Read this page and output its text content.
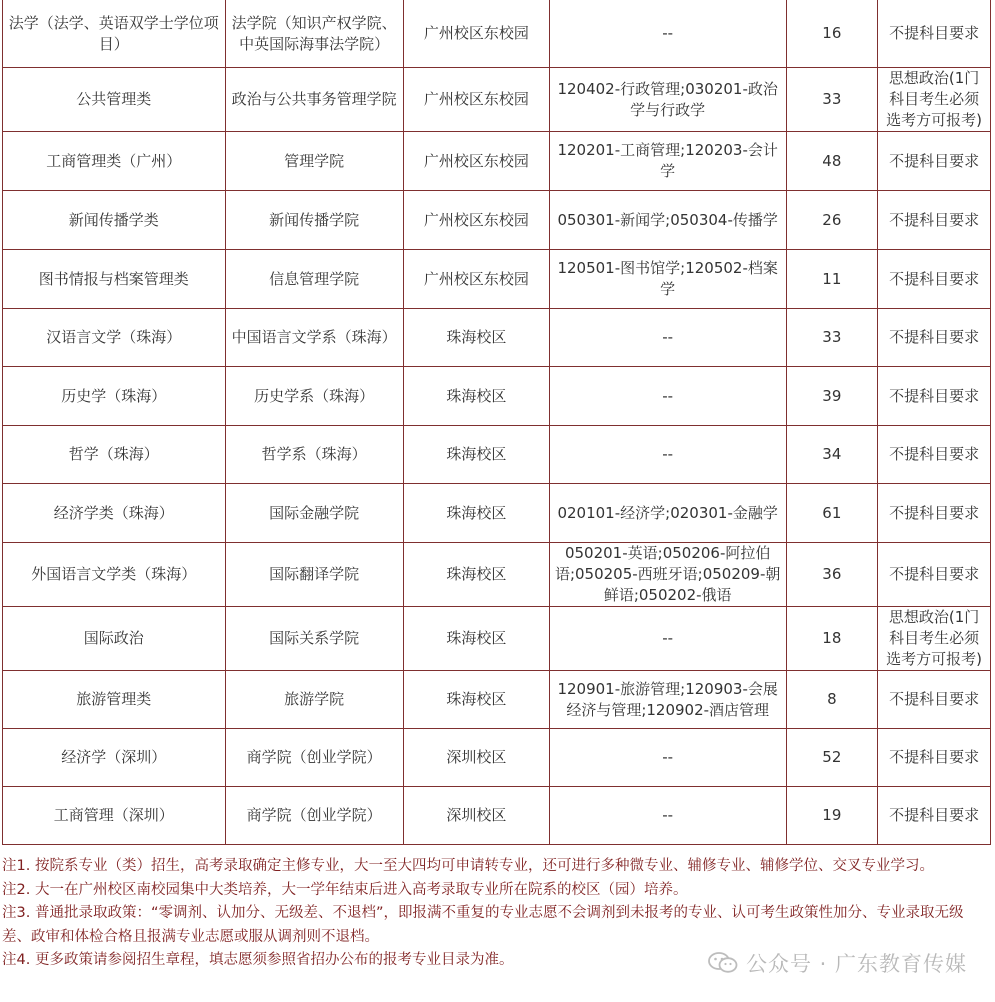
法学（法学、英语双学士学位项目）	法学院（知识产权学院、中英国际海事法学院）	广州校区东校园	--	16	不提科目要求
公共管理类	政治与公共事务管理学院	广州校区东校园	120402-行政管理;030201-政治学与行政学	33	思想政治(1门科目考生必须选考方可报考)
工商管理类（广州）	管理学院	广州校区东校园	120201-工商管理;120203-会计学	48	不提科目要求
新闻传播学类	新闻传播学院	广州校区东校园	050301-新闻学;050304-传播学	26	不提科目要求
图书情报与档案管理类	信息管理学院	广州校区东校园	120501-图书馆学;120502-档案学	11	不提科目要求
汉语言文学（珠海）	中国语言文学系（珠海）	珠海校区	--	33	不提科目要求
历史学（珠海）	历史学系（珠海）	珠海校区	--	39	不提科目要求
哲学（珠海）	哲学系（珠海）	珠海校区	--	34	不提科目要求
经济学类（珠海）	国际金融学院	珠海校区	020101-经济学;020301-金融学	61	不提科目要求
外国语言文学类（珠海）	国际翻译学院	珠海校区	050201-英语;050206-阿拉伯语;050205-西班牙语;050209-朝鲜语;050202-俄语	36	不提科目要求
国际政治	国际关系学院	珠海校区	--	18	思想政治(1门科目考生必须选考方可报考)
旅游管理类	旅游学院	珠海校区	120901-旅游管理;120903-会展经济与管理;120902-酒店管理	8	不提科目要求
经济学（深圳）	商学院（创业学院）	深圳校区	--	52	不提科目要求
工商管理（深圳）	商学院（创业学院）	深圳校区	--	19	不提科目要求

注1. 按院系专业（类）招生，高考录取确定主修专业，大一至大四均可申请转专业，还可进行多种微专业、辅修专业、辅修学位、交叉专业学习。

注2. 大一在广州校区南校园集中大类培养，大一学年结束后进入高考录取专业所在院系的校区（园）培养。

注3. 普通批录取政策：“零调剂、认加分、无级差、不退档”，即报满不重复的专业志愿不会调剂到未报考的专业、认可考生政策性加分、专业录取无级差、政审和体检合格且报满专业志愿或服从调剂则不退档。

注4. 更多政策请参阅招生章程，填志愿须参照省招办公布的报考专业目录为准。	公众号 · 广东教育传媒
